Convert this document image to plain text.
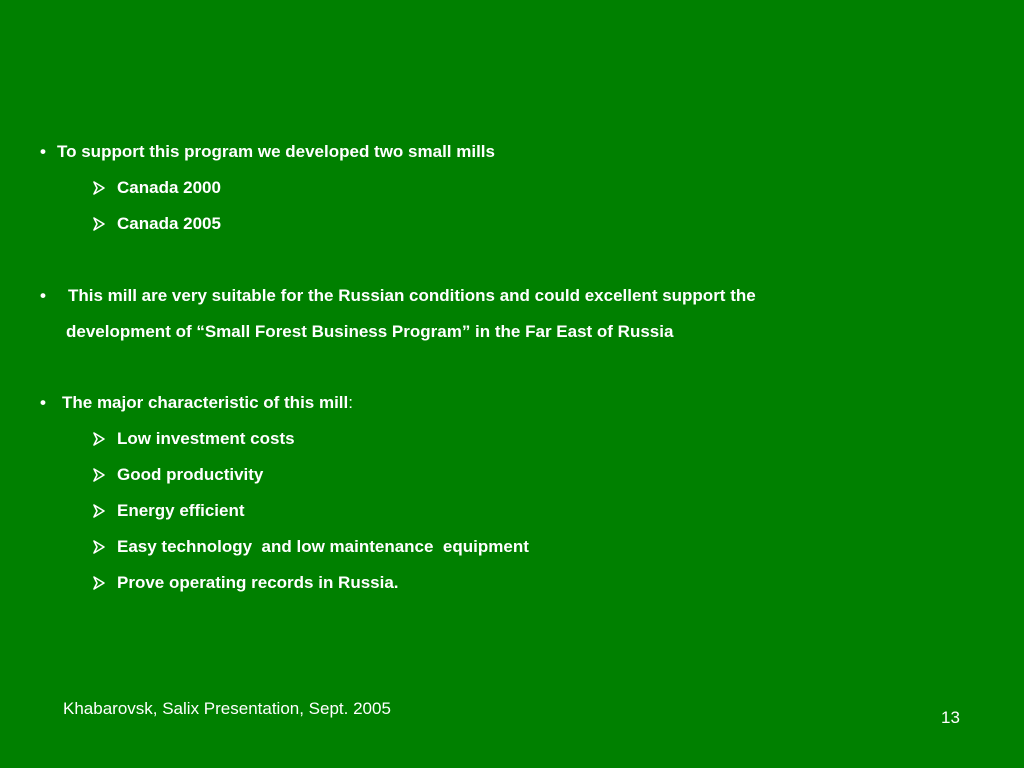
• To support this program we developed two small mills
Canada 2000
Canada 2005
• This mill are very suitable for the Russian conditions and could excellent support the
development of “Small Forest Business Program” in the Far East of Russia
• The major characteristic of this mill:
Low investment costs
Good productivity
Energy efficient
Easy technology  and low maintenance  equipment
Prove operating records in Russia.
Khabarovsk, Salix Presentation, Sept. 2005	13
